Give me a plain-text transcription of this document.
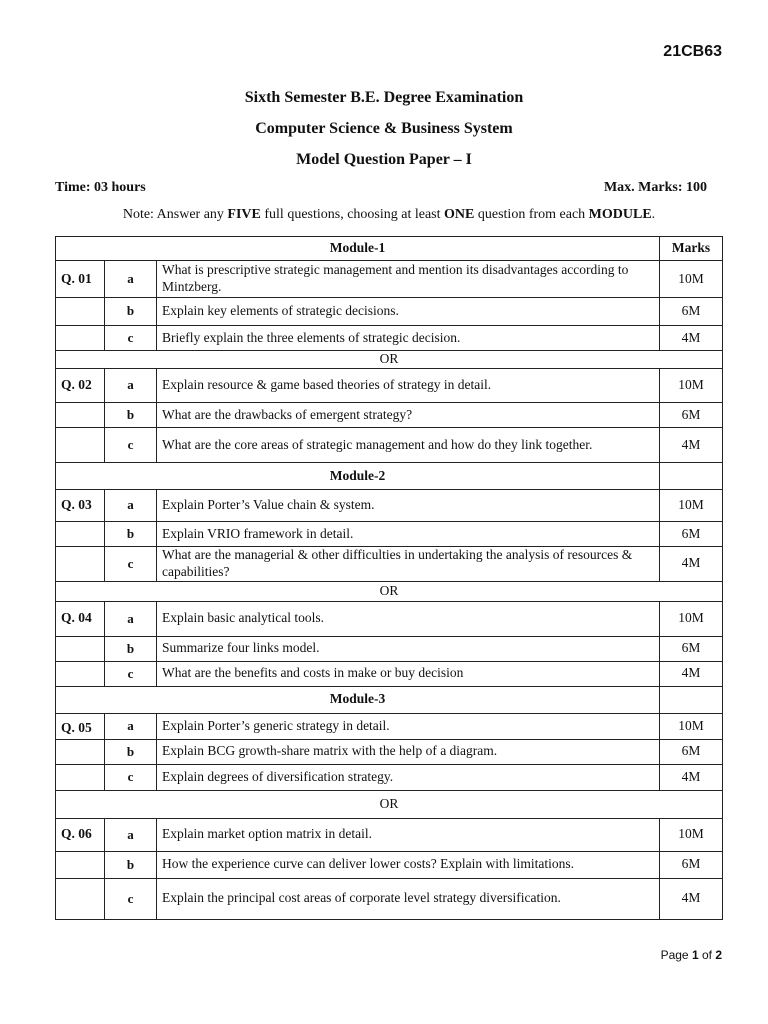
21CB63
Sixth Semester B.E. Degree Examination
Computer Science & Business System
Model Question Paper – I
Time: 03 hours	Max. Marks: 100
Note: Answer any FIVE full questions, choosing at least ONE question from each MODULE.
Module-1			Marks
Q. 01	a	What is prescriptive strategic management and mention its disadvantages according to Mintzberg.	10M
	b	Explain key elements of strategic decisions.	6M
	c	Briefly explain the three elements of strategic decision.	4M
OR			
Q. 02	a	Explain resource & game based theories of strategy in detail.	10M
	b	What are the drawbacks of emergent strategy?	6M
	c	What are the core areas of strategic management and how do they link together.	4M
Module-2			
Q. 03	a	Explain Porter’s Value chain & system.	10M
	b	Explain VRIO framework in detail.	6M
	c	What are the managerial & other difficulties in undertaking the analysis of resources & capabilities?	4M
OR			
Q. 04	a	Explain basic analytical tools.	10M
	b	Summarize four links model.	6M
	c	What are the benefits and costs in make or buy decision	4M
Module-3			
Q. 05	a	Explain Porter’s generic strategy in detail.	10M
	b	Explain BCG growth-share matrix with the help of a diagram.	6M
	c	Explain degrees of diversification strategy.	4M
OR			
Q. 06	a	Explain market option matrix in detail.	10M
	b	How the experience curve can deliver lower costs? Explain with limitations.	6M
	c	Explain the principal cost areas of corporate level strategy diversification.	4M
Page 1 of 2
